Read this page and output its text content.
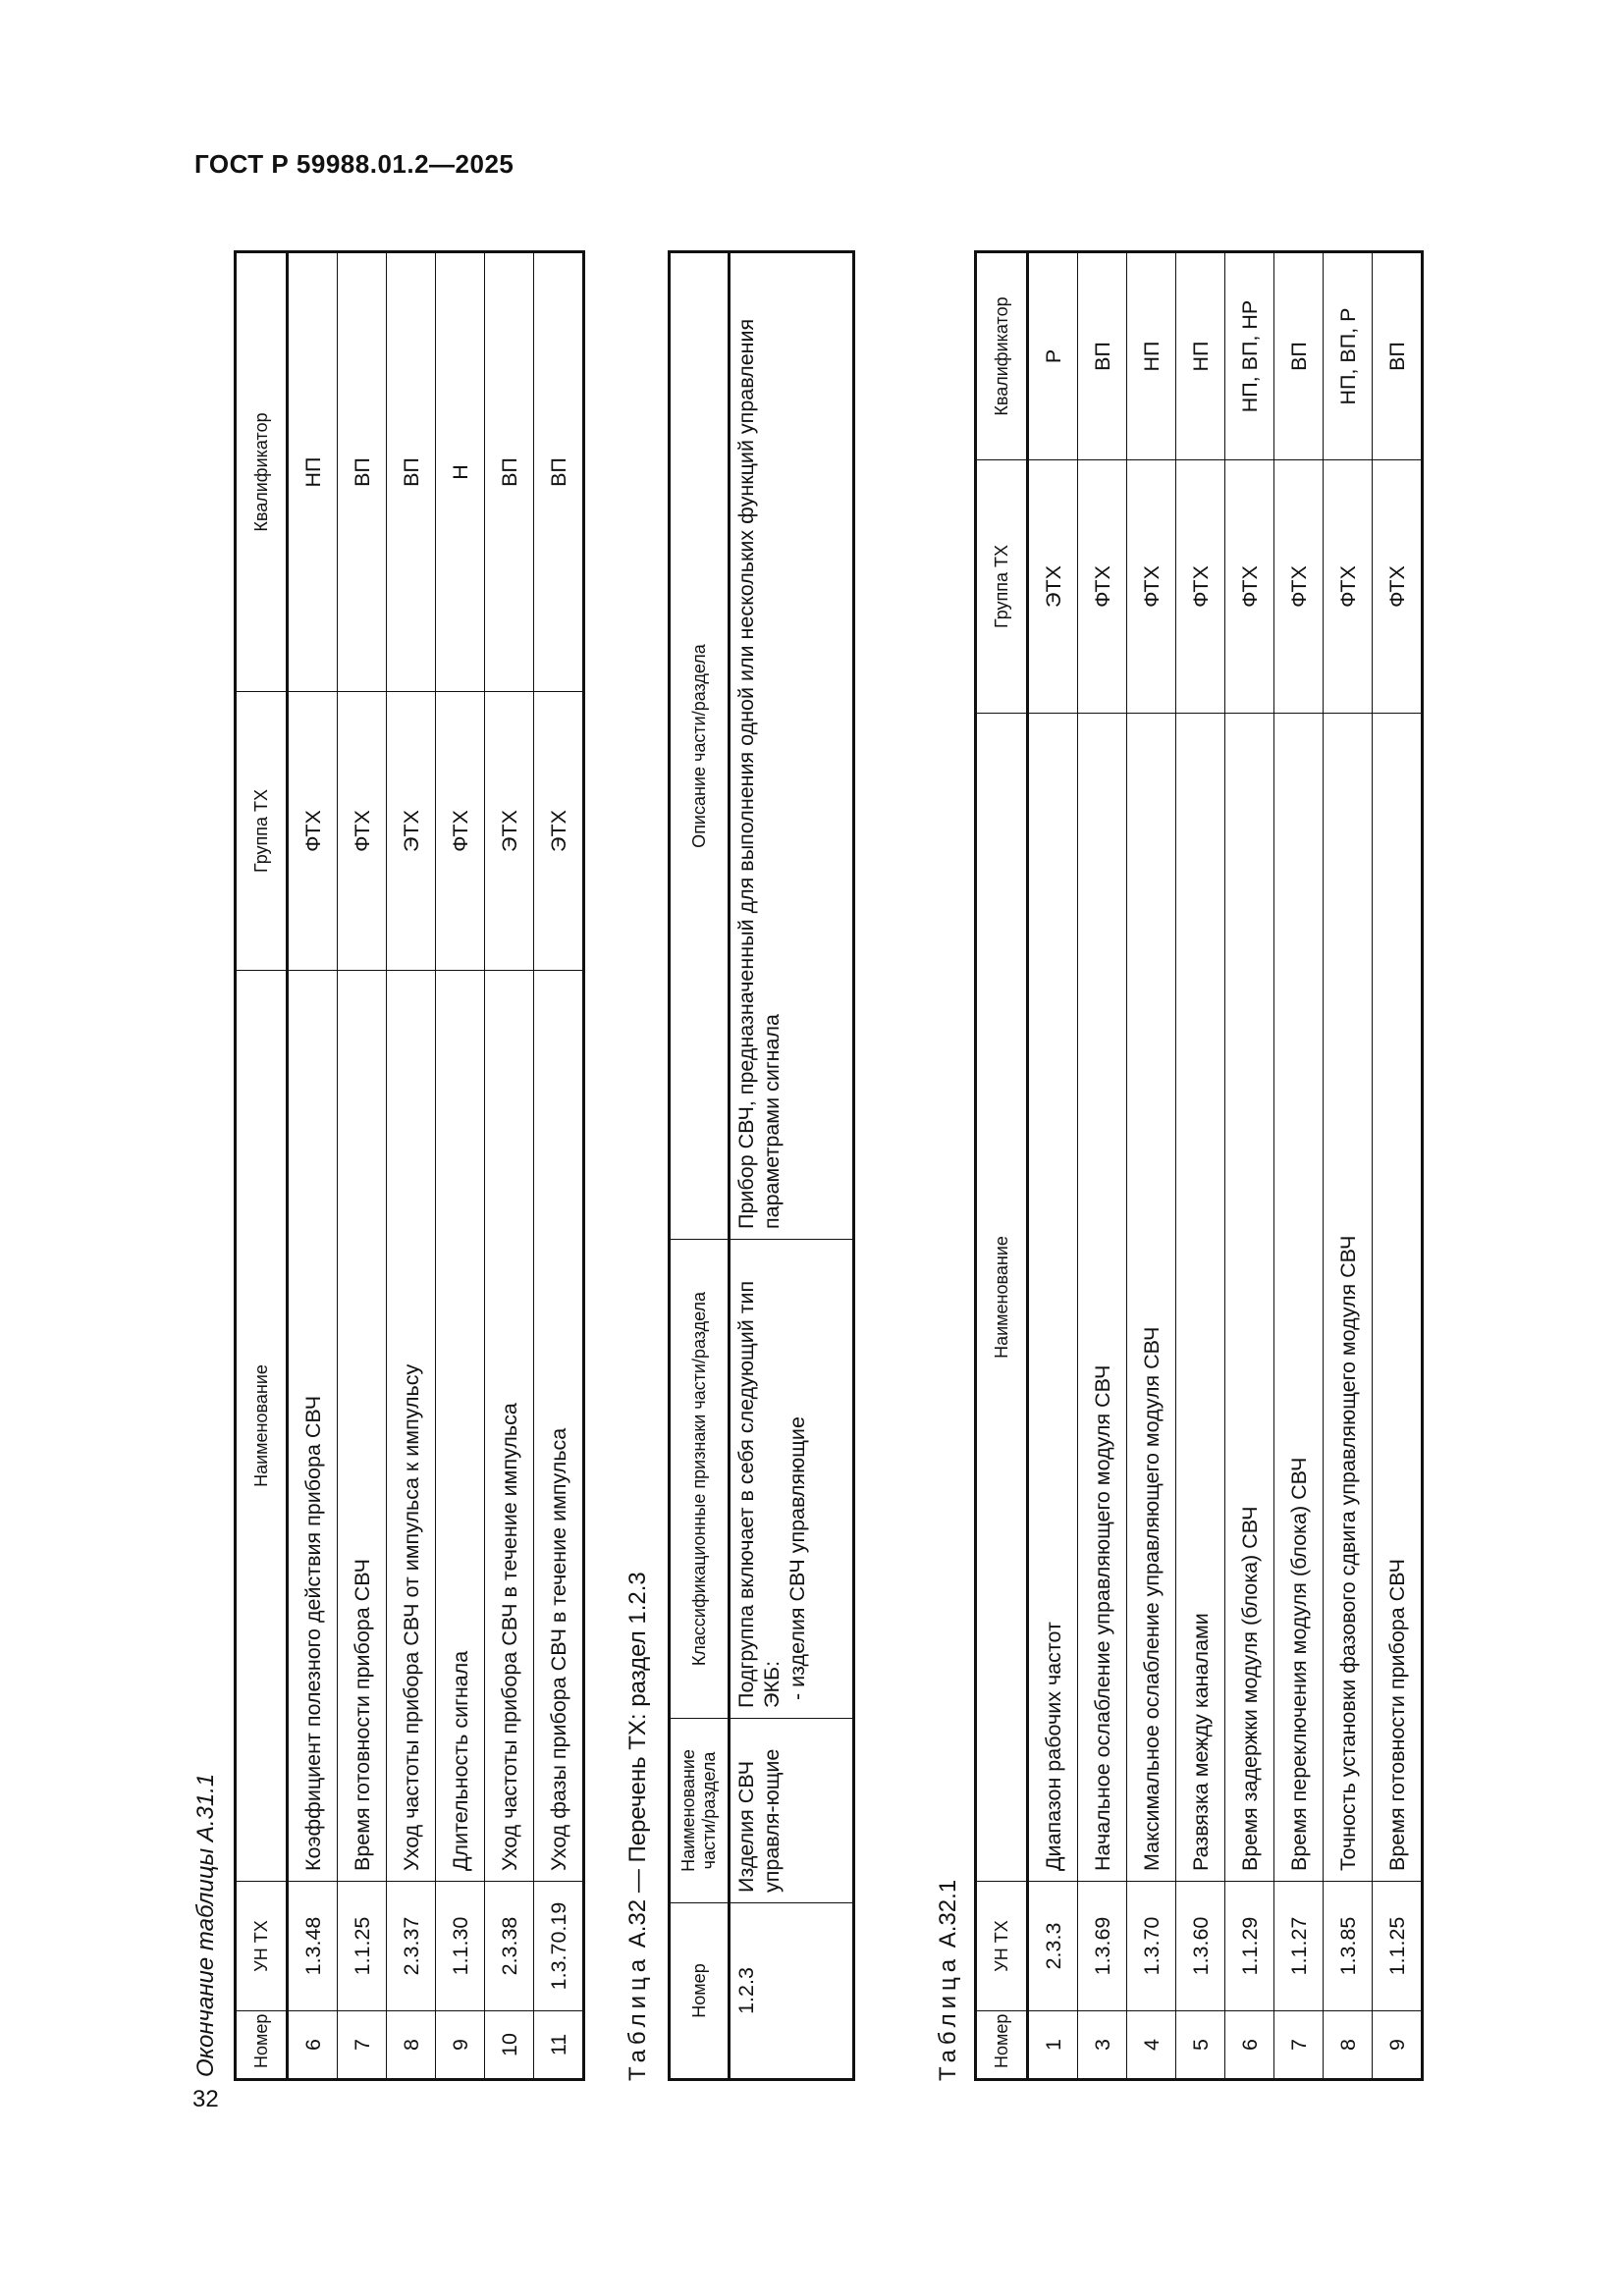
ГОСТ Р 59988.01.2—2025
32
Окончание таблицы А.31.1 Номер	УН ТХ	Наименование	Группа ТХ	Квалификатор
6	1.3.48	Коэффициент полезного действия прибора СВЧ	ФТХ	НП
7	1.1.25	Время готовности прибора СВЧ	ФТХ	ВП
8	2.3.37	Уход частоты прибора СВЧ от импульса к импульсу	ЭТХ	ВП
9	1.1.30	Длительность сигнала	ФТХ	Н
10	2.3.38	Уход частоты прибора СВЧ в течение импульса	ЭТХ	ВП
11	1.3.70.19	Уход фазы прибора СВЧ в течение импульса	ЭТХ	ВП
Таблица А.32 — Перечень ТХ: раздел 1.2.3
Номер	Наименование части/раздела	Классификационные признаки части/раздела	Описание части/раздела
1.2.3	Изделия СВЧ управля-ющие	Подгруппа включает в себя следующий тип ЭКБ: - изделия СВЧ управляющие	Прибор СВЧ, предназначенный для выполнения одной или нескольких функций управления параметрами сигнала
Таблица А.32.1
Номер	УН ТХ	Наименование	Группа ТХ	Квалификатор
1	2.3.3	Диапазон рабочих частот	ЭТХ	Р
3	1.3.69	Начальное ослабление управляющего модуля СВЧ	ФТХ	ВП
4	1.3.70	Максимальное ослабление управляющего модуля СВЧ	ФТХ	НП
5	1.3.60	Развязка между каналами	ФТХ	НП
6	1.1.29	Время задержки модуля (блока) СВЧ	ФТХ	НП, ВП, НР
7	1.1.27	Время переключения модуля (блока) СВЧ	ФТХ	ВП
8	1.3.85	Точность установки фазового сдвига управляющего модуля СВЧ	ФТХ	НП, ВП, Р
9	1.1.25	Время готовности прибора СВЧ	ФТХ	ВП
